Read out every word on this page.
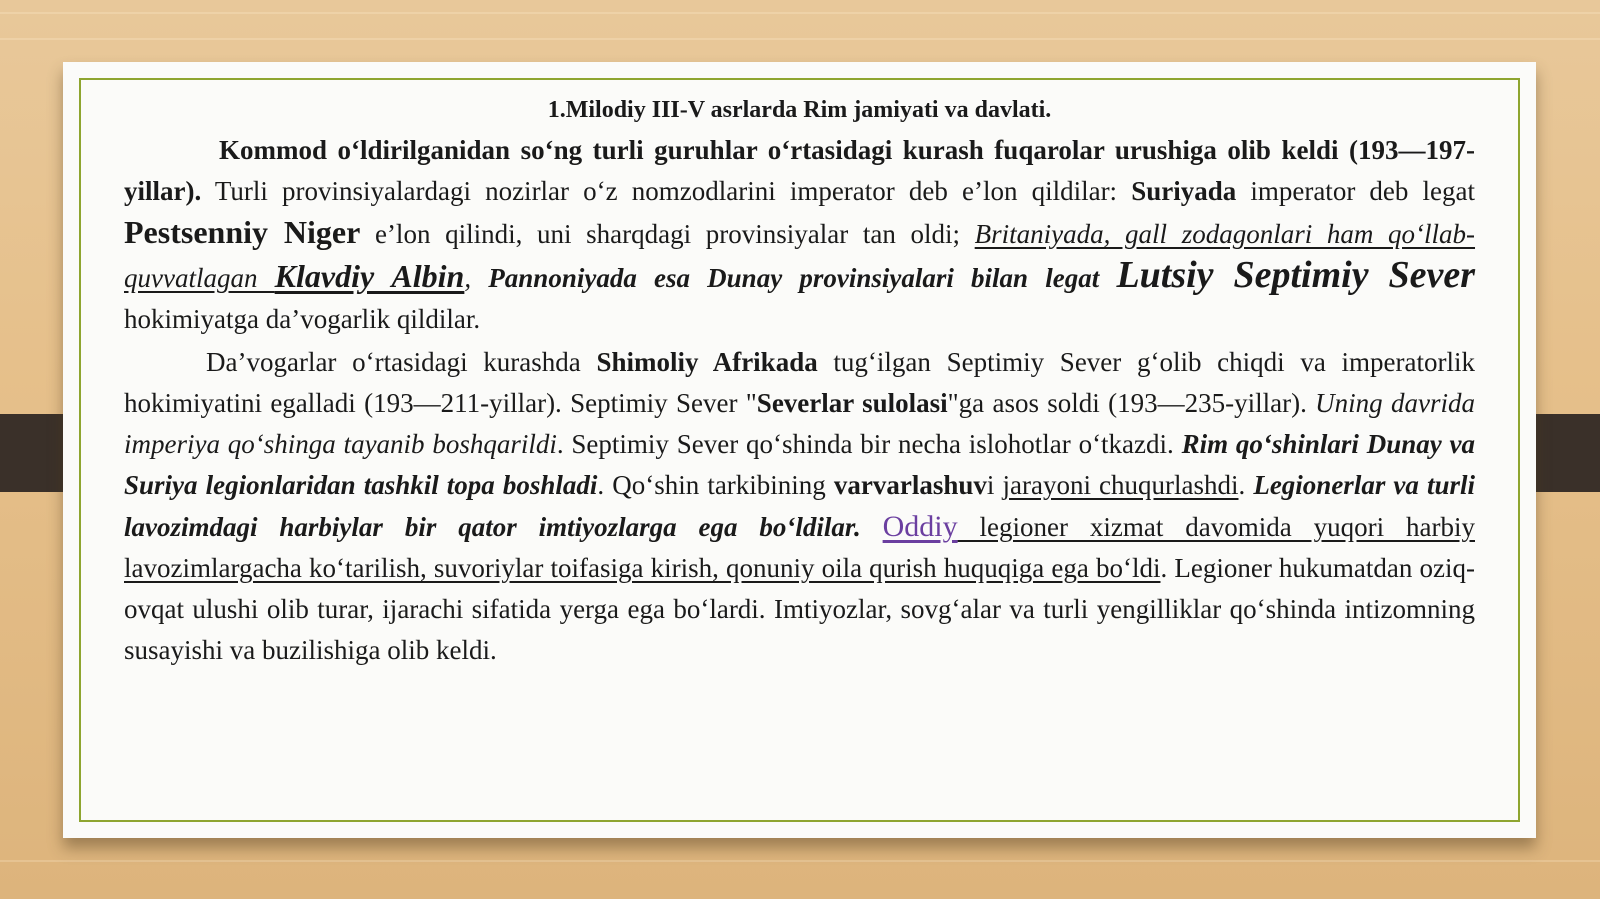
1.Milodiy III-V asrlarda Rim jamiyati va davlati.

Kommod o‘ldirilganidan so‘ng turli guruhlar o‘rtasidagi kurash fuqarolar urushiga olib keldi (193—197-yillar). Turli provinsiyalardagi nozirlar o‘z nomzodlarini imperator deb e’lon qildilar: Suriyada imperator deb legat Pestsenniy Niger e’lon qilindi, uni sharqdagi provinsiyalar tan oldi; Britaniyada, gall zodagonlari ham qo‘llab-quvvatlagan Klavdiy Albin, Pannoniyada esa Dunay provinsiyalari bilan legat Lutsiy Septimiy Sever hokimiyatga da’vogarlik qildilar.

Da’vogarlar o‘rtasidagi kurashda Shimoliy Afrikada tug‘ilgan Septimiy Sever g‘olib chiqdi va imperatorlik hokimiyatini egalladi (193—211-yillar). Septimiy Sever "Severlar sulolasi"ga asos soldi (193—235-yillar). Uning davrida imperiya qo‘shinga tayanib boshqarildi. Septimiy Sever qo‘shinda bir necha islohotlar o‘tkazdi. Rim qo‘shinlari Dunay va Suriya legionlaridan tashkil topa boshladi. Qo‘shin tarkibining varvarlashuvi jarayoni chuqurlashdi. Legionerlar va turli lavozimdagi harbiylar bir qator imtiyozlarga ega bo‘ldilar. Oddiy legioner xizmat davomida yuqori harbiy lavozimlargacha ko‘tarilish, suvoriylar toifasiga kirish, qonuniy oila qurish huquqiga ega bo‘ldi. Legioner hukumatdan oziq-ovqat ulushi olib turar, ijarachi sifatida yerga ega bo‘lardi. Imtiyozlar, sovg‘alar va turli yengilliklar qo‘shinda intizomning susayishi va buzilishiga olib keldi.
